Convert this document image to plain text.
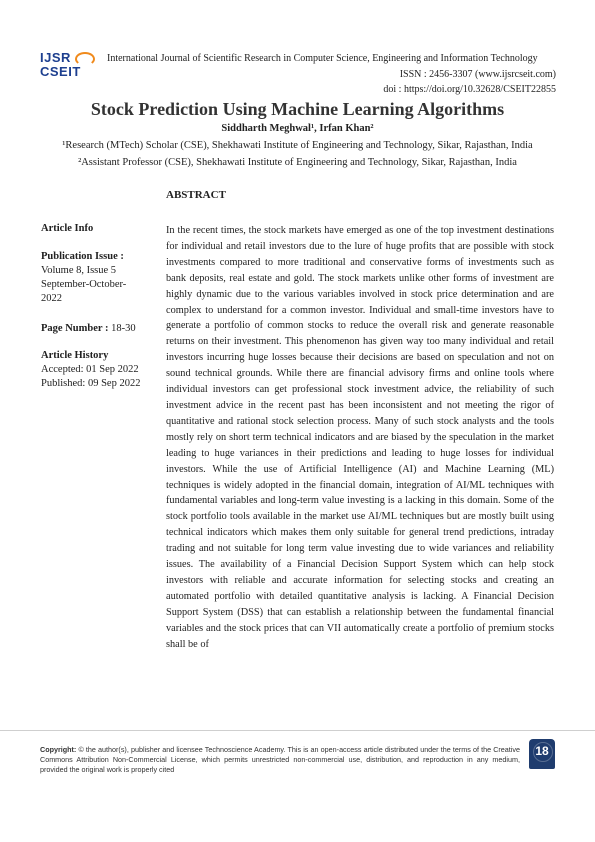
IJSR
CSEIT
International Journal of Scientific Research in Computer Science, Engineering and Information Technology
ISSN : 2456-3307 (www.ijsrcseit.com)
doi : https://doi.org/10.32628/CSEIT22855
Stock Prediction Using Machine Learning Algorithms
Siddharth Meghwal¹, Irfan Khan²
¹Research (MTech) Scholar (CSE), Shekhawati Institute of Engineering and Technology, Sikar, Rajasthan, India
²Assistant Professor (CSE), Shekhawati Institute of Engineering and Technology, Sikar, Rajasthan, India
ABSTRACT
Article Info
Publication Issue :
Volume 8, Issue 5
September-October-
2022
Page Number : 18-30
Article History
Accepted: 01 Sep 2022
Published: 09 Sep 2022
In the recent times, the stock markets have emerged as one of the top investment destinations for individual and retail investors due to the lure of huge profits that are possible with stock investments compared to more traditional and conservative forms of investments such as bank deposits, real estate and gold. The stock markets unlike other forms of investment are highly dynamic due to the various variables involved in stock price determination and are complex to understand for a common investor. Individual and small-time investors have to generate a portfolio of common stocks to reduce the overall risk and generate reasonable returns on their investment. This phenomenon has given way too many individual and retail investors incurring huge losses because their decisions are based on speculation and not on sound technical grounds. While there are financial advisory firms and online tools where individual investors can get professional stock investment advice, the reliability of such investment advice in the recent past has been inconsistent and not meeting the rigor of quantitative and rational stock selection process. Many of such stock analysts and the tools mostly rely on short term technical indicators and are biased by the speculation in the market leading to huge variances in their predictions and leading to huge losses for individual investors. While the use of Artificial Intelligence (AI) and Machine Learning (ML) techniques is widely adopted in the financial domain, integration of AI/ML techniques with fundamental variables and long-term value investing is a lacking in this domain. Some of the stock portfolio tools available in the market use AI/ML techniques but are mostly built using technical indicators which makes them only suitable for general trend predictions, intraday trading and not suitable for long term value investing due to wide variances and reliability issues. The availability of a Financial Decision Support System which can help stock investors with reliable and accurate information for selecting stocks and creating an automated portfolio with detailed quantitative analysis is lacking. A Financial Decision Support System (DSS) that can establish a relationship between the fundamental financial variables and the stock prices that can VII automatically create a portfolio of premium stocks shall be of
Copyright: © the author(s), publisher and licensee Technoscience Academy. This is an open-access article distributed under the terms of the Creative Commons Attribution Non-Commercial License, which permits unrestricted non-commercial use, distribution, and reproduction in any medium, provided the original work is properly cited
18
